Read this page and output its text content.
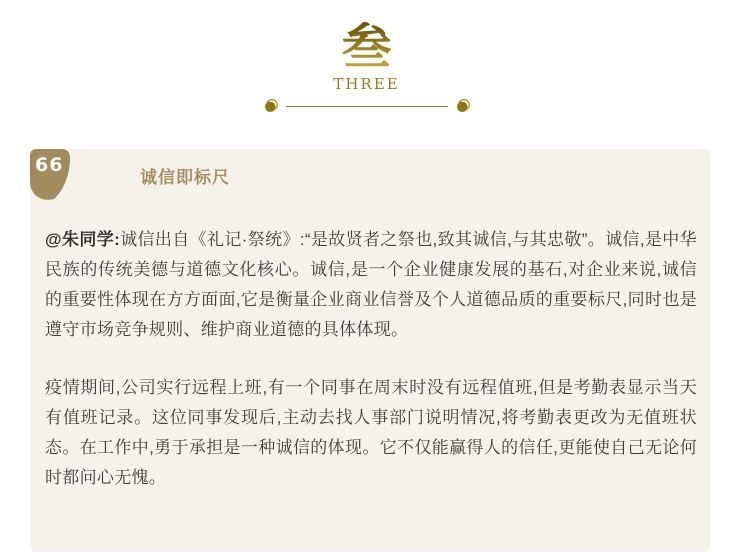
叁
THREE
66
诚信即标尺

@朱同学:诚信出自《礼记·祭统》:“是故贤者之祭也,致其诚信,与其忠敬”。诚信,是中华民族的传统美德与道德文化核心。诚信,是一个企业健康发展的基石,对企业来说,诚信的重要性体现在方方面面,它是衡量企业商业信誉及个人道德品质的重要标尺,同时也是遵守市场竞争规则、维护商业道德的具体体现。

疫情期间,公司实行远程上班,有一个同事在周末时没有远程值班,但是考勤表显示当天有值班记录。这位同事发现后,主动去找人事部门说明情况,将考勤表更改为无值班状态。在工作中,勇于承担是一种诚信的体现。它不仅能赢得人的信任,更能使自己无论何时都问心无愧。
